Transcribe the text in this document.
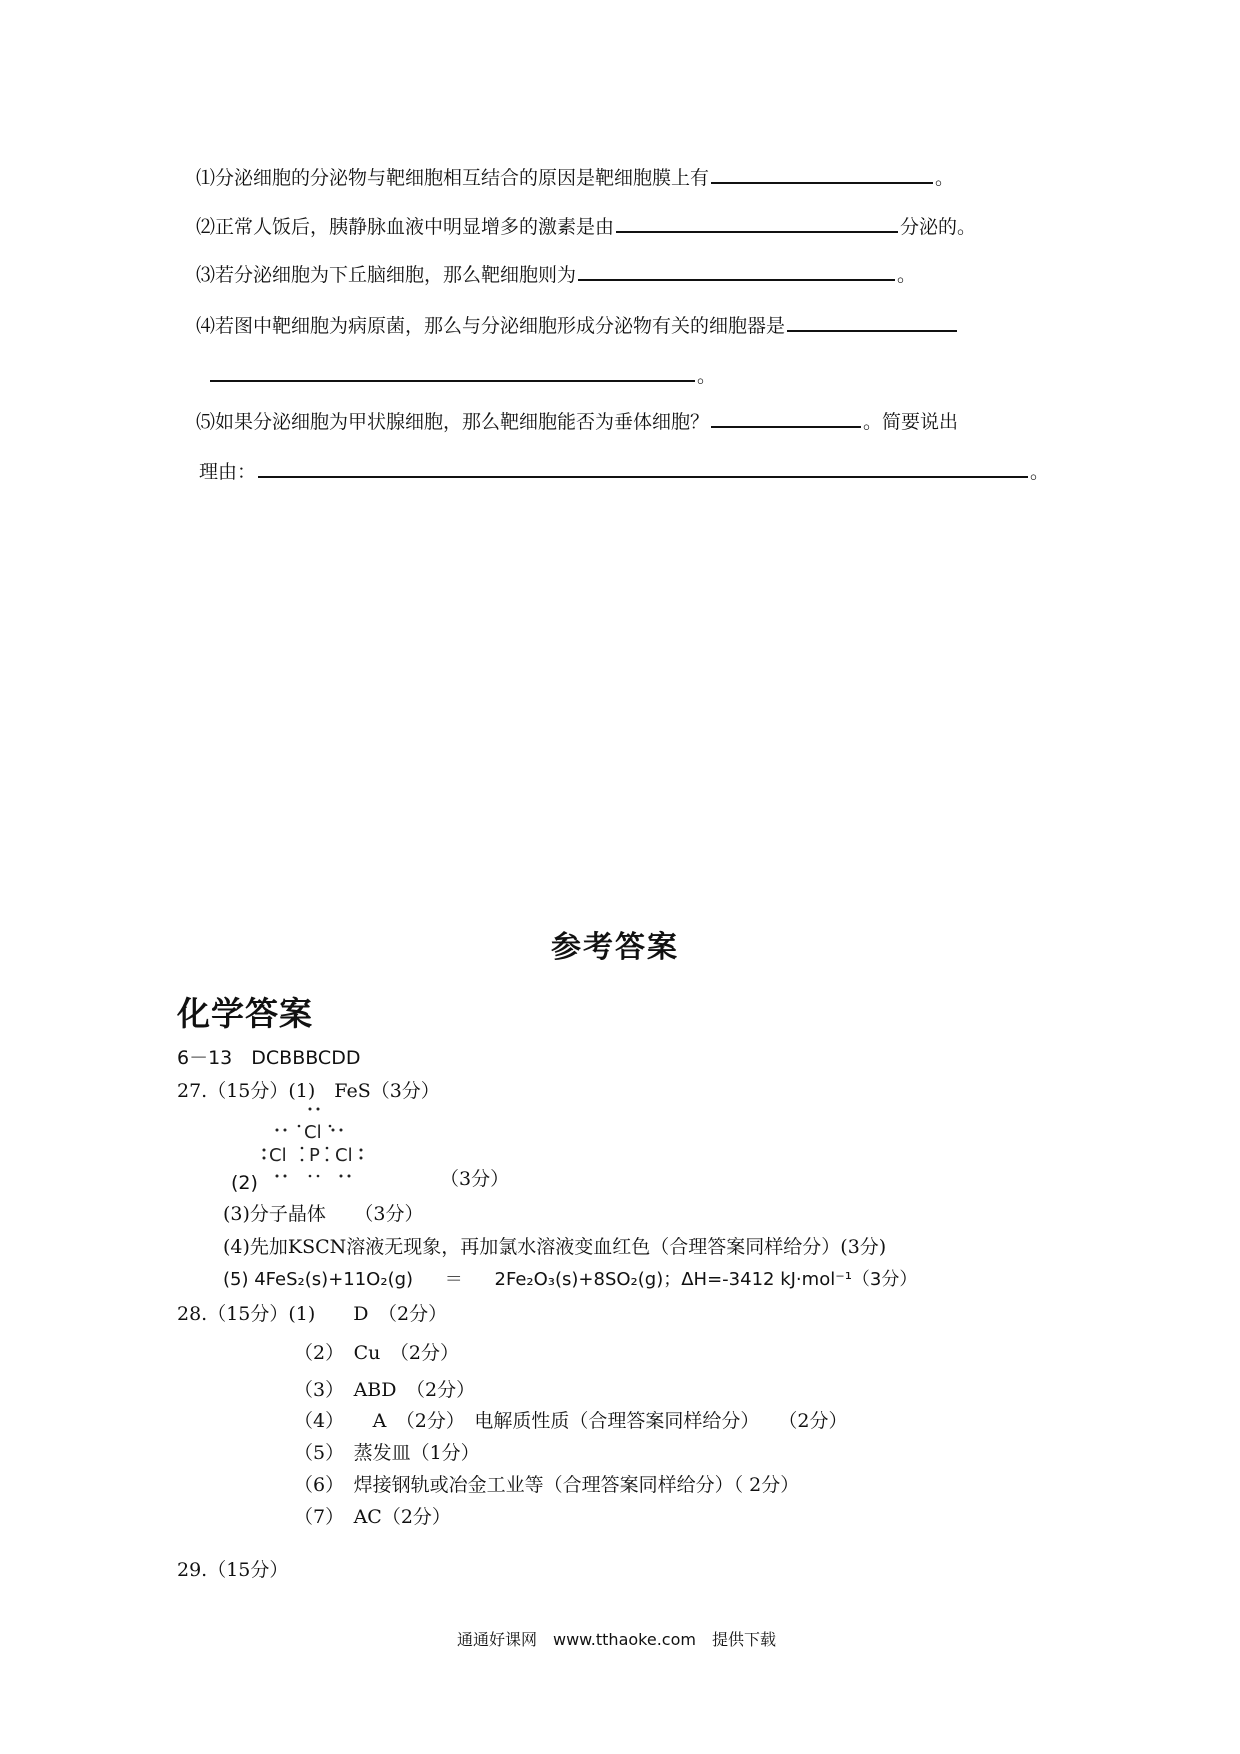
⑴分泌细胞的分泌物与靶细胞相互结合的原因是靶细胞膜上有	。
⑵正常人饭后，胰静脉血液中明显增多的激素是由	分泌的。
⑶若分泌细胞为下丘脑细胞，那么靶细胞则为	。
⑷若图中靶细胞为病原菌，那么与分泌细胞形成分泌物有关的细胞器是
。
⑸如果分泌细胞为甲状腺细胞，那么靶细胞能否为垂体细胞？	。简要说出
理由：	。
参考答案
化学答案
6－13　DCBBBCDD
27.（15分）(1)　FeS（3分）
Cl
Cl P Cl
(2)	（3分）
(3)分子晶体　　（3分）
(4)先加KSCN溶液无现象，再加氯水溶液变血红色（合理答案同样给分）(3分)
(5) 4FeS₂(s)+11O₂(g) ＝ 2Fe₂O₃(s)+8SO₂(g)；ΔH=-3412 kJ·mol⁻¹（3分）
28.（15分）(1)　　D　（2分）
（2）　Cu　（2分）
（3）　ABD　（2分）
（4）　　A　（2分）　电解质性质（合理答案同样给分）　　（2分）
（5）　蒸发皿（1分）
（6）　焊接钢轨或冶金工业等（合理答案同样给分）（ 2分）
（7）　AC（2分）
29.（15分）
通通好课网　www.tthaoke.com　提供下载
